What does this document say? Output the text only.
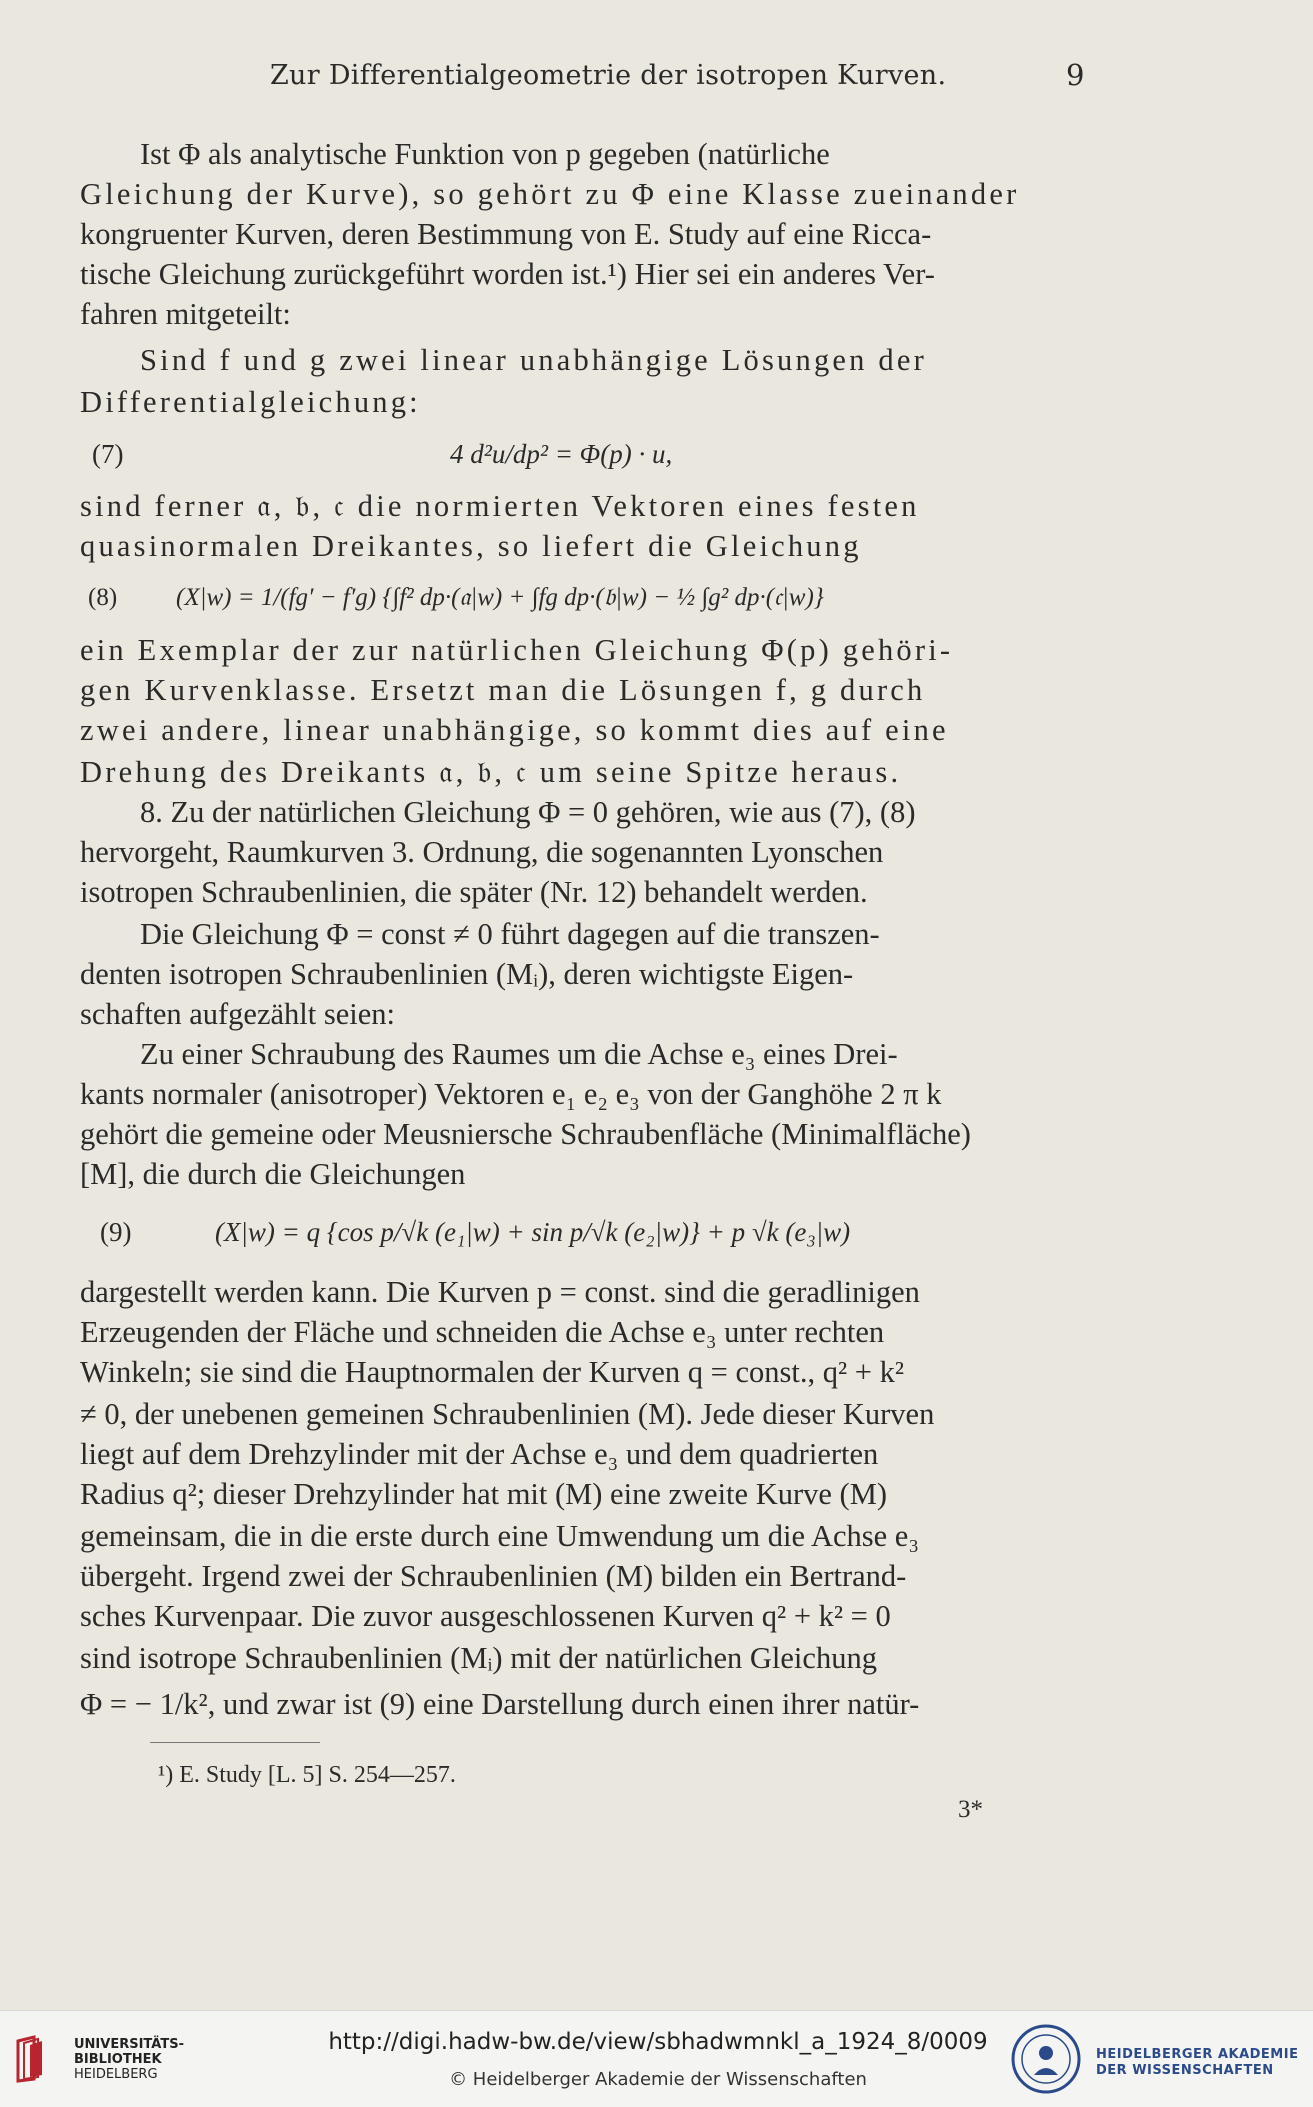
Zur Differentialgeometrie der isotropen Kurven.	9
Ist Φ als analytische Funktion von p gegeben (natürliche
Gleichung der Kurve), so gehört zu Φ eine Klasse zueinander
kongruenter Kurven, deren Bestimmung von E. Study auf eine Ricca-
tische Gleichung zurückgeführt worden ist.¹) Hier sei ein anderes Ver-
fahren mitgeteilt:
Sind f und g zwei linear unabhängige Lösungen der
Differentialgleichung:
(7)	4 d²u/dp² = Φ(p) · u,
sind ferner 𝔞, 𝔟, 𝔠 die normierten Vektoren eines festen
quasinormalen Dreikantes, so liefert die Gleichung
(8) (X|w) = 1/(fg′ − f′g) {∫f² dp·(𝔞|w) + ∫fg dp·(𝔟|w) − ½ ∫g² dp·(𝔠|w)}
ein Exemplar der zur natürlichen Gleichung Φ(p) gehöri-
gen Kurvenklasse. Ersetzt man die Lösungen f, g durch
zwei andere, linear unabhängige, so kommt dies auf eine
Drehung des Dreikants 𝔞, 𝔟, 𝔠 um seine Spitze heraus.
8. Zu der natürlichen Gleichung Φ = 0 gehören, wie aus (7), (8)
hervorgeht, Raumkurven 3. Ordnung, die sogenannten Lyonschen
isotropen Schraubenlinien, die später (Nr. 12) behandelt werden.
Die Gleichung Φ = const ≠ 0 führt dagegen auf die transzen-
denten isotropen Schraubenlinien (Mᵢ), deren wichtigste Eigen-
schaften aufgezählt seien:
Zu einer Schraubung des Raumes um die Achse e₃ eines Drei-
kants normaler (anisotroper) Vektoren e₁ e₂ e₃ von der Ganghöhe 2 π k
gehört die gemeine oder Meusniersche Schraubenfläche (Minimalfläche)
[M], die durch die Gleichungen
(9)	(X|w) = q {cos p/√k (e₁|w) + sin p/√k (e₂|w)} + p √k (e₃|w)
dargestellt werden kann. Die Kurven p = const. sind die geradlinigen
Erzeugenden der Fläche und schneiden die Achse e₃ unter rechten
Winkeln; sie sind die Hauptnormalen der Kurven q = const., q² + k²
≠ 0, der unebenen gemeinen Schraubenlinien (M). Jede dieser Kurven
liegt auf dem Drehzylinder mit der Achse e₃ und dem quadrierten
Radius q²; dieser Drehzylinder hat mit (M) eine zweite Kurve (M)
gemeinsam, die in die erste durch eine Umwendung um die Achse e₃
übergeht. Irgend zwei der Schraubenlinien (M) bilden ein Bertrand-
sches Kurvenpaar. Die zuvor ausgeschlossenen Kurven q² + k² = 0
sind isotrope Schraubenlinien (Mᵢ) mit der natürlichen Gleichung
Φ = − 1/k², und zwar ist (9) eine Darstellung durch einen ihrer natür-
¹) E. Study [L. 5] S. 254—257.
3*
UNIVERSITÄTS-
BIBLIOTHEK
HEIDELBERG
http://digi.hadw-bw.de/view/sbhadwmnkl_a_1924_8/0009
© Heidelberger Akademie der Wissenschaften
HEIDELBERGER AKADEMIE
DER WISSENSCHAFTEN
